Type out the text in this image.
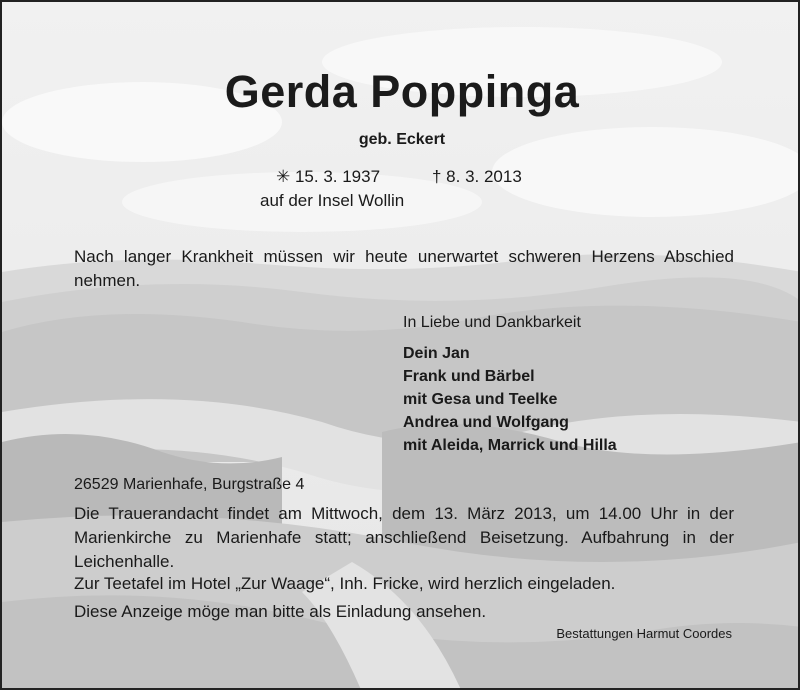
Gerda Poppinga
geb. Eckert
✳ 15. 3. 1937	† 8. 3. 2013
auf der Insel Wollin
Nach langer Krankheit müssen wir heute unerwartet schweren Herzens Abschied nehmen.
In Liebe und Dankbarkeit
Dein Jan
Frank und Bärbel
mit Gesa und Teelke
Andrea und Wolfgang
mit Aleida, Marrick und Hilla
26529 Marienhafe, Burgstraße 4
Die Trauerandacht findet am Mittwoch, dem 13. März 2013, um 14.00 Uhr in der Marienkirche zu Marienhafe statt; anschließend Beisetzung. Aufbahrung in der Leichenhalle.
Zur Teetafel im Hotel „Zur Waage“, Inh. Fricke, wird herzlich eingeladen.
Diese Anzeige möge man bitte als Einladung ansehen.
Bestattungen Harmut Coordes
